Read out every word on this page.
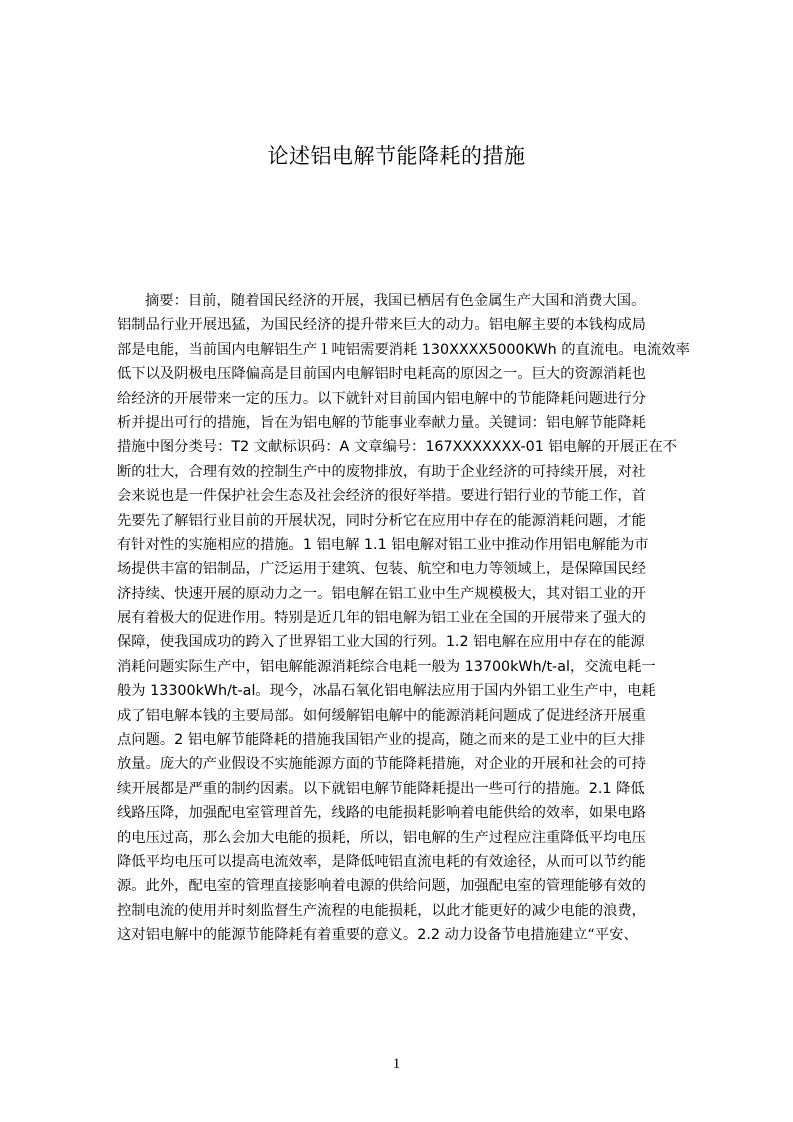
论述铝电解节能降耗的措施
摘要：目前，随着国民经济的开展，我国已栖居有色金属生产大国和消费大国。
铝制品行业开展迅猛，为国民经济的提升带来巨大的动力。铝电解主要的本钱构成局
部是电能，当前国内电解铝生产１吨铝需要消耗 130XXXX5000KWh 的直流电。电流效率
低下以及阴极电压降偏高是目前国内电解铝时电耗高的原因之一。巨大的资源消耗也
给经济的开展带来一定的压力。以下就针对目前国内铝电解中的节能降耗问题进行分
析并提出可行的措施，旨在为铝电解的节能事业奉献力量。关键词：铝电解节能降耗
措施中图分类号：T2 文献标识码：A 文章编号：167XXXXXXX-01 铝电解的开展正在不
断的壮大，合理有效的控制生产中的废物排放，有助于企业经济的可持续开展，对社
会来说也是一件保护社会生态及社会经济的很好举措。要进行铝行业的节能工作，首
先要先了解铝行业目前的开展状况，同时分析它在应用中存在的能源消耗问题，才能
有针对性的实施相应的措施。1 铝电解 1.1 铝电解对铝工业中推动作用铝电解能为市
场提供丰富的铝制品，广泛运用于建筑、包装、航空和电力等领域上，是保障国民经
济持续、快速开展的原动力之一。铝电解在铝工业中生产规模极大，其对铝工业的开
展有着极大的促进作用。特别是近几年的铝电解为铝工业在全国的开展带来了强大的
保障，使我国成功的跨入了世界铝工业大国的行列。1.2 铝电解在应用中存在的能源
消耗问题实际生产中，铝电解能源消耗综合电耗一般为 13700kWh/t-al，交流电耗一
般为 13300kWh/t-al。现今，冰晶石氧化铝电解法应用于国内外铝工业生产中，电耗
成了铝电解本钱的主要局部。如何缓解铝电解中的能源消耗问题成了促进经济开展重
点问题。2 铝电解节能降耗的措施我国铝产业的提高，随之而来的是工业中的巨大排
放量。庞大的产业假设不实施能源方面的节能降耗措施，对企业的开展和社会的可持
续开展都是严重的制约因素。以下就铝电解节能降耗提出一些可行的措施。2.1 降低
线路压降，加强配电室管理首先，线路的电能损耗影响着电能供给的效率，如果电路
的电压过高，那么会加大电能的损耗，所以，铝电解的生产过程应注重降低平均电压
降低平均电压可以提高电流效率，是降低吨铝直流电耗的有效途径，从而可以节约能
源。此外，配电室的管理直接影响着电源的供给问题，加强配电室的管理能够有效的
控制电流的使用并时刻监督生产流程的电能损耗，以此才能更好的减少电能的浪费，
这对铝电解中的能源节能降耗有着重要的意义。2.2 动力设备节电措施建立“平安、
1
